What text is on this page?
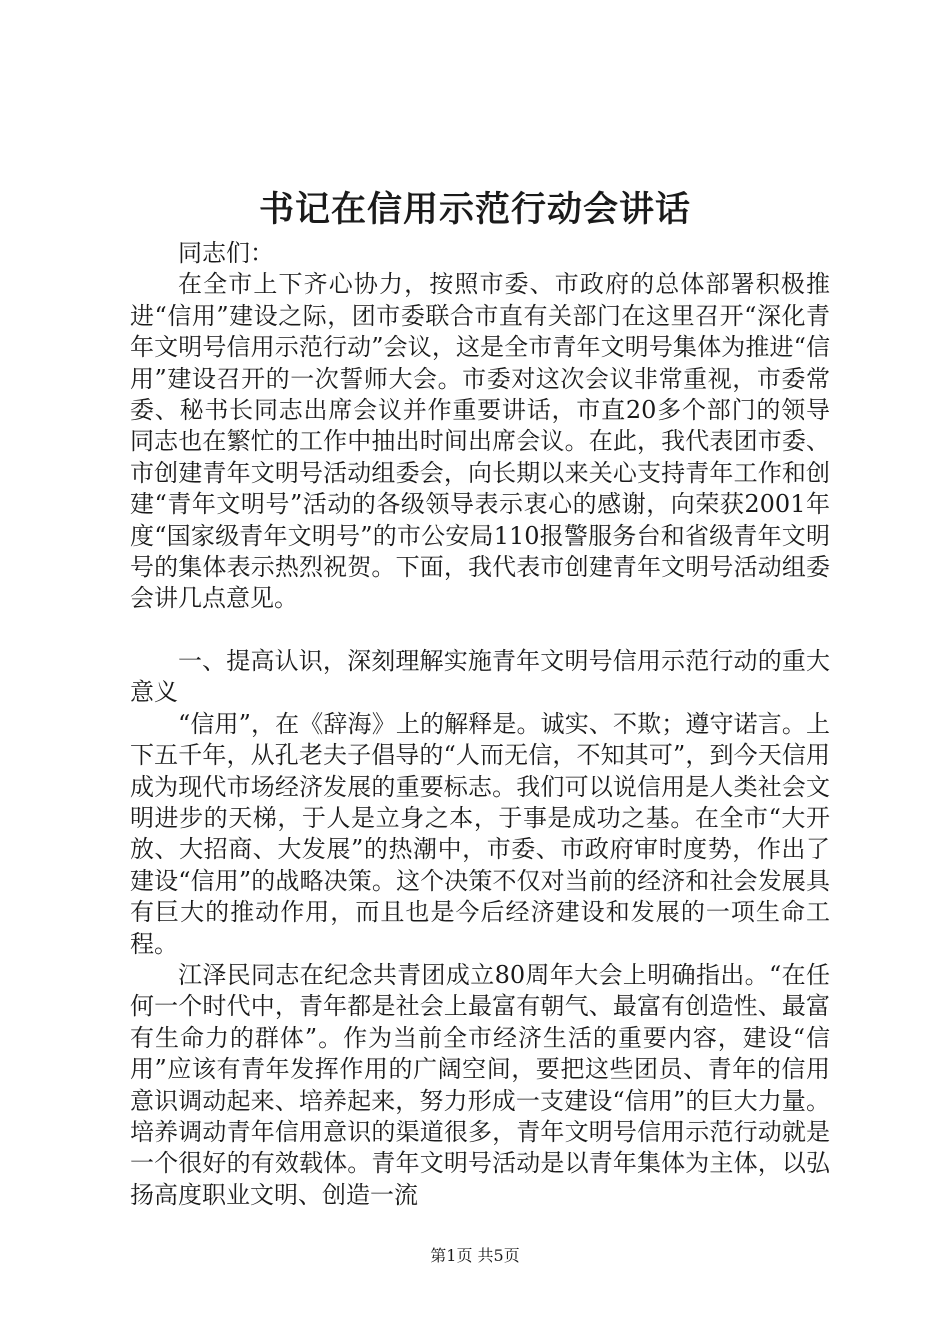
书记在信用示范行动会讲话

同志们：

在全市上下齐心协力，按照市委、市政府的总体部署积极推进“信用”建设之际，团市委联合市直有关部门在这里召开“深化青年文明号信用示范行动”会议，这是全市青年文明号集体为推进“信用”建设召开的一次誓师大会。市委对这次会议非常重视，市委常委、秘书长同志出席会议并作重要讲话，市直20多个部门的领导同志也在繁忙的工作中抽出时间出席会议。在此，我代表团市委、市创建青年文明号活动组委会，向长期以来关心支持青年工作和创建“青年文明号”活动的各级领导表示衷心的感谢，向荣获2001年度“国家级青年文明号”的市公安局110报警服务台和省级青年文明号的集体表示热烈祝贺。下面，我代表市创建青年文明号活动组委会讲几点意见。

一、提高认识，深刻理解实施青年文明号信用示范行动的重大意义

“信用”，在《辞海》上的解释是。诚实、不欺；遵守诺言。上下五千年，从孔老夫子倡导的“人而无信，不知其可”，到今天信用成为现代市场经济发展的重要标志。我们可以说信用是人类社会文明进步的天梯，于人是立身之本，于事是成功之基。在全市“大开放、大招商、大发展”的热潮中，市委、市政府审时度势，作出了建设“信用”的战略决策。这个决策不仅对当前的经济和社会发展具有巨大的推动作用，而且也是今后经济建设和发展的一项生命工程。

江泽民同志在纪念共青团成立80周年大会上明确指出。“在任何一个时代中，青年都是社会上最富有朝气、最富有创造性、最富有生命力的群体”。作为当前全市经济生活的重要内容，建设“信用”应该有青年发挥作用的广阔空间，要把这些团员、青年的信用意识调动起来、培养起来，努力形成一支建设“信用”的巨大力量。培养调动青年信用意识的渠道很多，青年文明号信用示范行动就是一个很好的有效载体。青年文明号活动是以青年集体为主体，以弘扬高度职业文明、创造一流

第1页 共5页
